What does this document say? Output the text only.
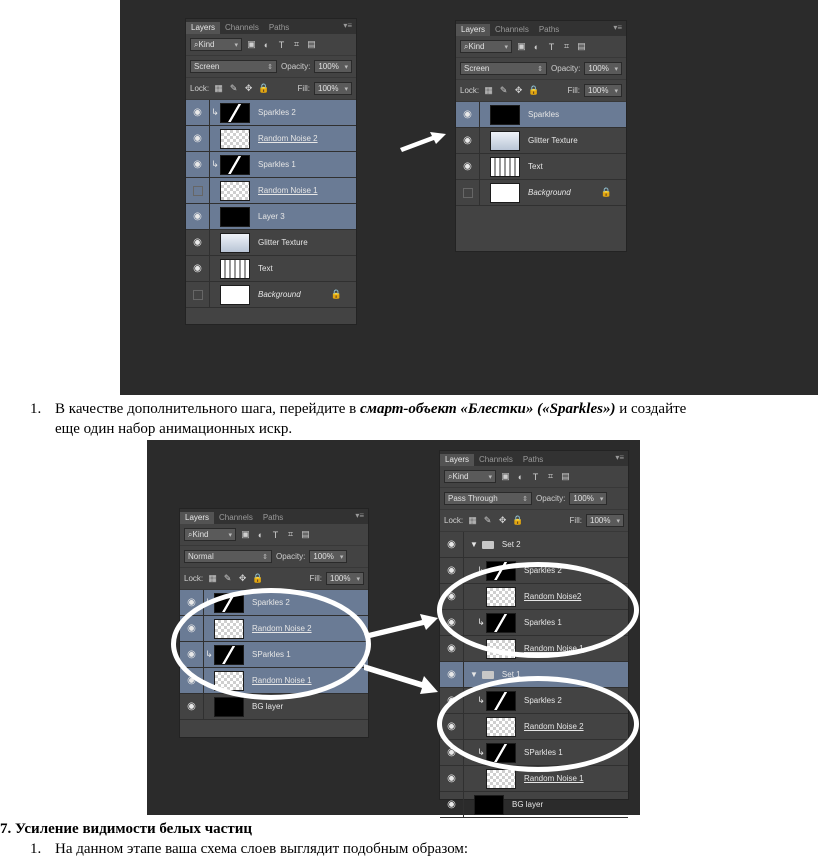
Layers	Channels	Paths	▾≡
⌕ Kind	▾ ▣ ◐	T	⌗ ▤
Screen	⇕ Opacity: 100% ▾
Lock: ▦ ✎ ✥ 🔒	Fill: 100% ▾
◉ ↳	Sparkles 2
◉	Random Noise 2
◉ ↳	Sparkles 1
Random Noise 1
◉	Layer 3
◉	Glitter Texture
◉	Text
Background	🔒
Layers	Channels	Paths	▾≡
⌕ Kind	▾ ▣ ◐	T	⌗ ▤
Screen	⇕ Opacity: 100% ▾
Lock: ▦ ✎ ✥ 🔒	Fill: 100% ▾
◉	Sparkles
◉	Glitter Texture
◉	Text
Background	🔒
1. В качестве дополнительного шага, перейдите в смарт-объект «Блестки» («Sparkles») и создайте
еще один набор анимационных искр.
Layers	Channels	Paths	▾≡
⌕ Kind	▾ ▣ ◐	T	⌗ ▤
Normal	⇕ Opacity: 100% ▾
Lock: ▦ ✎ ✥ 🔒	Fill: 100% ▾
◉ ↳	Sparkles 2
◉	Random Noise 2
◉ ↳	SParkles 1
◉	Random Noise 1
◉	BG layer
Layers	Channels	Paths	▾≡
⌕ Kind	▾ ▣ ◐	T	⌗ ▤
Pass Through	⇕ Opacity: 100% ▾
Lock: ▦ ✎ ✥ 🔒	Fill: 100% ▾
◉ ▼	Set 2
◉ ↳	Sparkles 2
◉	Random Noise2
◉ ↳	Sparkles 1
◉	Random Noise 1
◉ ▼	Set 1
◉ ↳	Sparkles 2
◉	Random Noise 2
◉ ↳	SParkles 1
◉	Random Noise 1
◉	BG layer
7. Усиление видимости белых частиц
1. На данном этапе ваша схема слоев выглядит подобным образом:
